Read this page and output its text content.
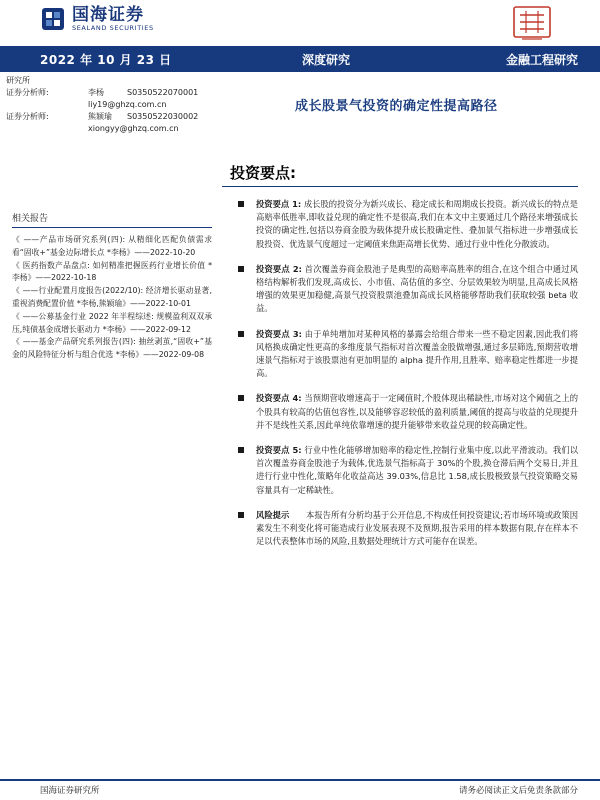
国海证券
SEALAND SECURITIES
2022 年 10 月 23 日	深度研究	金融工程研究
研究所
证券分析师:	李杨	S0350522070001
liy19@ghzq.com.cn
证券分析师:	熊颖瑜 S0350522030002
xiongyy@ghzq.com.cn
成长股景气投资的确定性提高路径
投资要点:
相关报告
《 ——产品市场研究系列(四): 从精细化匹配负债需求看“固收+”基金边际增长点 *李杨》——2022-10-20
《 医药指数产品盘点: 如何精准把握医药行业增长价值 *李杨》——2022-10-18
《 ——行业配置月度报告(2022/10): 经济增长驱动显著,重视消费配置价值 *李杨,熊颖瑜》——2022-10-01
《 ——公募基金行业 2022 年半程综述: 规模盈利双双承压,纯债基金成增长驱动力 *李杨》——2022-09-12
《 ——基金产品研究系列报告(四): 抽丝剥茧,“固收+”基金的风险特征分析与组合优选 *李杨》——2022-09-08
投资要点 1: 成长股的投资分为新兴成长、稳定成长和周期成长投资。新兴成长的特点是高赔率低胜率,即收益兑现的确定性不是很高,我们在本文中主要通过几个路径来增强成长投资的确定性,包括以券商金股为载体提升成长股确定性、叠加景气指标进一步增强成长股投资、优选景气度超过一定阈值来焦距高增长优势、通过行业中性化分散波动。
投资要点 2: 首次覆盖券商金股池子是典型的高赔率高胜率的组合,在这个组合中通过风格结构解析我们发现,高成长、小市值、高估值的多空、分层效果较为明显,且高成长风格增强的效果更加稳健,高景气投资股票池叠加高成长风格能够帮助我们获取较强 beta 收益。
投资要点 3: 由于单纯增加对某种风格的暴露会给组合带来一些不稳定因素,因此我们将风格换成确定性更高的多维度景气指标对首次覆盖金股做增强,通过多层筛选,预期营收增速景气指标对于该股票池有更加明显的 alpha 提升作用,且胜率、赔率稳定性都进一步提高。
投资要点 4: 当预期营收增速高于一定阈值时,个股体现出稀缺性,市场对这个阈值之上的个股具有较高的估值包容性,以及能够容忍较低的盈利质量,阈值的提高与收益的兑现提升并不是线性关系,因此单纯依靠增速的提升能够带来收益兑现的较高确定性。
投资要点 5: 行业中性化能够增加赔率的稳定性,控制行业集中度,以此平滑波动。我们以首次覆盖券商金股池子为载体,优选景气指标高于 30%的个股,换仓滞后两个交易日,并且进行行业中性化,策略年化收益高达 39.03%,信息比 1.58,成长股极致景气投资策略交易容量具有一定稀缺性。
风险提示 本报告所有分析均基于公开信息,不构成任何投资建议;若市场环境或政策因素发生不利变化将可能造成行业发展表现不及预期,报告采用的样本数据有限,存在样本不足以代表整体市场的风险,且数据处理统计方式可能存在误差。
国海证券研究所	请务必阅读正文后免责条款部分
